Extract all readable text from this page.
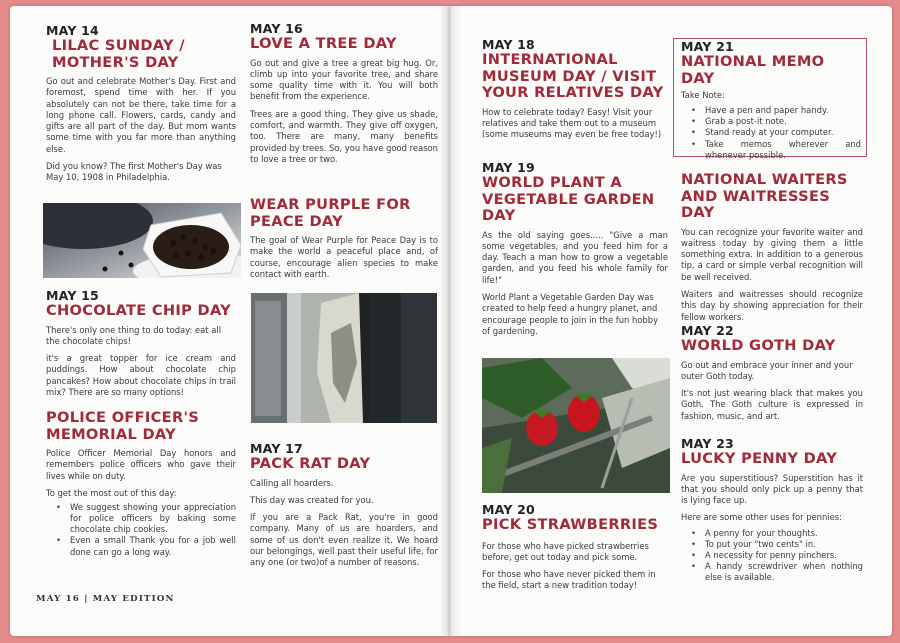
MAY 14
LILAC SUNDAY / MOTHER'S DAY
Go out and celebrate Mother's Day. First and foremost, spend time with her. If you absolutely can not be there, take time for a long phone call. Flowers, cards, candy and gifts are all part of the day. But mom wants some time with you far more than anything else.
Did you know? The first Mother's Day was May 10, 1908 in Philadelphia.
MAY 15
CHOCOLATE CHIP DAY
There's only one thing to do today: eat all the chocolate chips!
it's a great topper for ice cream and puddings. How about chocolate chip pancakes? How about chocolate chips in trail mix? There are so many options!
POLICE OFFICER'S MEMORIAL DAY
Police Officer Memorial Day honors and remembers police officers who gave their lives while on duty.
To get the most out of this day:
• We suggest showing your appreciation for police officers by baking some chocolate chip cookies.
• Even a small Thank you for a job well done can go a long way.
MAY 16 | MAY EDITION
MAY 16
LOVE A TREE DAY
Go out and give a tree a great big hug. Or, climb up into your favorite tree, and share some quality time with it. You will both benefit from the experience.
Trees are a good thing. They give us shade, comfort, and warmth. They give off oxygen, too. There are many, many benefits provided by trees. So, you have good reason to love a tree or two.
WEAR PURPLE FOR PEACE DAY
The goal of Wear Purple for Peace Day is to make the world a peaceful place and, of course, encourage alien species to make contact with earth.
MAY 17
PACK RAT DAY
Calling all hoarders.
This day was created for you.
If you are a Pack Rat, you're in good company. Many of us are hoarders, and some of us don't even realize it. We hoard our belongings, well past their useful life, for any one (or two)of a number of reasons.
MAY 18
INTERNATIONAL MUSEUM DAY / VISIT YOUR RELATIVES DAY
How to celebrate today? Easy! Visit your relatives and take them out to a museum (some museums may even be free today!)
MAY 19
WORLD PLANT A VEGETABLE GARDEN DAY
As the old saying goes..... "Give a man some vegetables, and you feed him for a day. Teach a man how to grow a vegetable garden, and you feed his whole family for life!"
World Plant a Vegetable Garden Day was created to help feed a hungry planet, and encourage people to join in the fun hobby of gardening.
MAY 20
PICK STRAWBERRIES
For those who have picked strawberries before, get out today and pick some.
For those who have never picked them in the field, start a new tradition today!
MAY 21
NATIONAL MEMO DAY
Take Note:
• Have a pen and paper handy.
• Grab a post-it note.
• Stand ready at your computer.
• Take memos wherever and whenever possible.
NATIONAL WAITERS AND WAITRESSES DAY
You can recognize your favorite waiter and waitress today by giving them a little something extra. In addition to a generous tip, a card or simple verbal recognition will be well received.
Waiters and waitresses should recognize this day by showing appreciation for their fellow workers.
MAY 22
WORLD GOTH DAY
Go out and embrace your inner and your outer Goth today.
It's not just wearing black that makes you Goth. The Goth culture is expressed in fashion, music, and art.
MAY 23
LUCKY PENNY DAY
Are you superstitious? Superstition has it that you should only pick up a penny that is lying face up.
Here are some other uses for pennies:
• A penny for your thoughts.
• To put your "two cents" in.
• A necessity for penny pinchers.
• A handy screwdriver when nothing else is available.
